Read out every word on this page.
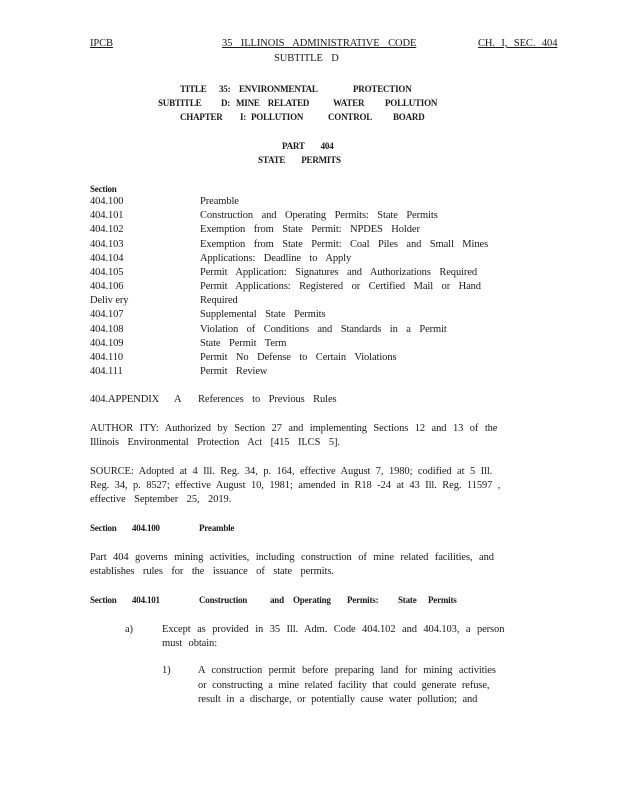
IPCB	35 ILLINOIS ADMINISTRATIVE CODE	CH. I, SEC. 404
SUBTITLE D
TITLE 35: ENVIRONMENTAL	PROTECTION
SUBTITLE D: MINE RELATED	WATER POLLUTION
CHAPTER I: POLLUTION	CONTROL BOARD
PART 404
STATE PERMITS
Section
404.100	Preamble
404.101	Construction and Operating Permits: State Permits
404.102	Exemption from State Permit: NPDES Holder
404.103	Exemption from State Permit: Coal Piles and Small Mines
404.104	Applications: Deadline to Apply
404.105	Permit Application: Signatures and Authorizations Required
404.106	Permit Applications: Registered or Certified Mail or Hand
Deliv ery	Required
404.107	Supplemental State Permits
404.108	Violation of Conditions and Standards in a Permit
404.109	State Permit Term
404.110	Permit No Defense to Certain Violations
404.111	Permit Review
404.APPENDIX A References to Previous Rules
AUTHOR ITY: Authorized by Section 27 and implementing Sections 12 and 13 of the
Illinois Environmental Protection Act [415 ILCS 5].
SOURCE: Adopted at 4 Ill. Reg. 34, p. 164, effective August 7, 1980; codified at 5 Ill.
Reg. 34, p. 8527; effective August 10, 1981; amended in R18 -24 at 43 Ill. Reg. 11597 ,
effective September 25, 2019.
Section 404.100	Preamble
Part 404 governs mining activities, including construction of mine related facilities, and
establishes rules for the issuance of state permits.
Section 404.101	Construction	and Operating Permits: State Permits
a)	Except as provided in 35 Ill. Adm. Code 404.102 and 404.103, a person
must obtain:
1)	A construction permit before preparing land for mining activities
or constructing a mine related facility that could generate refuse,
result in a discharge, or potentially cause water pollution; and
